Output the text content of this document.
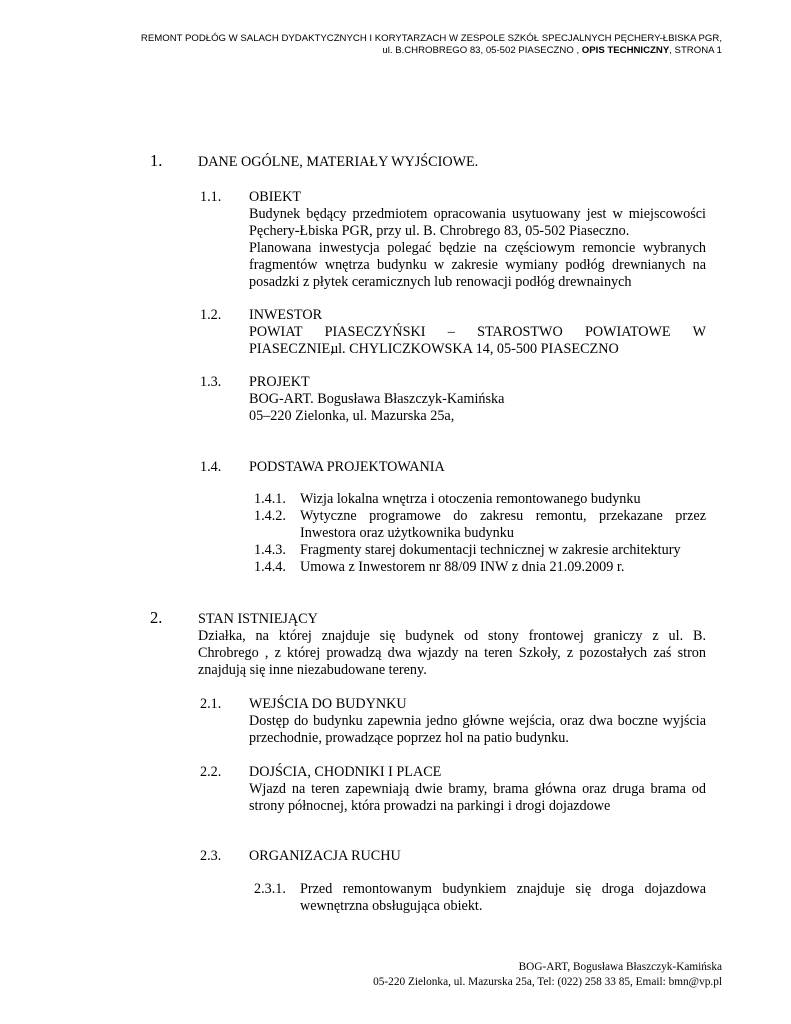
REMONT PODŁÓG W SALACH DYDAKTYCZNYCH I KORYTARZACH W ZESPOLE SZKÓŁ SPECJALNYCH PĘCHERY-ŁBISKA PGR,
ul. B.CHROBREGO 83, 05-502 PIASECZNO , OPIS TECHNICZNY, STRONA 1
1.	DANE OGÓLNE, MATERIAŁY WYJŚCIOWE.
1.1. OBIEKT
Budynek będący przedmiotem opracowania usytuowany jest w miejscowości
Pęchery-Łbiska PGR, przy ul. B. Chrobrego 83, 05-502 Piaseczno.
Planowana inwestycja polegać będzie na częściowym remoncie wybranych
fragmentów wnętrza budynku w zakresie wymiany podłóg drewnianych na
posadzki z płytek ceramicznych lub renowacji podłóg drewnainych
1.2. INWESTOR
POWIAT PIASECZYŃSKI – STAROSTWO POWIATOWE W
PIASECZNIE,
ul. CHYLICZKOWSKA 14, 05-500 PIASECZNO
1.3. PROJEKT
BOG-ART. Bogusława Błaszczyk-Kamińska
05–220 Zielonka, ul. Mazurska 25a,
1.4. PODSTAWA PROJEKTOWANIA
1.4.1. Wizja lokalna wnętrza i otoczenia remontowanego budynku
1.4.2. Wytyczne programowe do zakresu remontu, przekazane przez
Inwestora oraz użytkownika budynku
1.4.3. Fragmenty starej dokumentacji technicznej w zakresie architektury
1.4.4. Umowa z Inwestorem nr 88/09 INW z dnia 21.09.2009 r.
2.	STAN ISTNIEJĄCY
Działka, na której znajduje się budynek od stony frontowej graniczy z ul. B.
Chrobrego , z której prowadzą dwa wjazdy na teren Szkoły, z pozostałych zaś stron
znajdują się inne niezabudowane tereny.
2.1. WEJŚCIA DO BUDYNKU
Dostęp do budynku zapewnia jedno główne wejścia, oraz dwa boczne wyjścia
przechodnie, prowadzące poprzez hol na patio budynku.
2.2. DOJŚCIA, CHODNIKI I PLACE
Wjazd na teren zapewniają dwie bramy, brama główna oraz druga brama od
strony północnej, która prowadzi na parkingi i drogi dojazdowe
2.3. ORGANIZACJA RUCHU
2.3.1. Przed remontowanym budynkiem znajduje się droga dojazdowa
wewnętrzna obsługująca obiekt.
BOG-ART, Bogusława Błaszczyk-Kamińska
05-220 Zielonka, ul. Mazurska 25a, Tel: (022) 258 33 85, Email: bmn@vp.pl
